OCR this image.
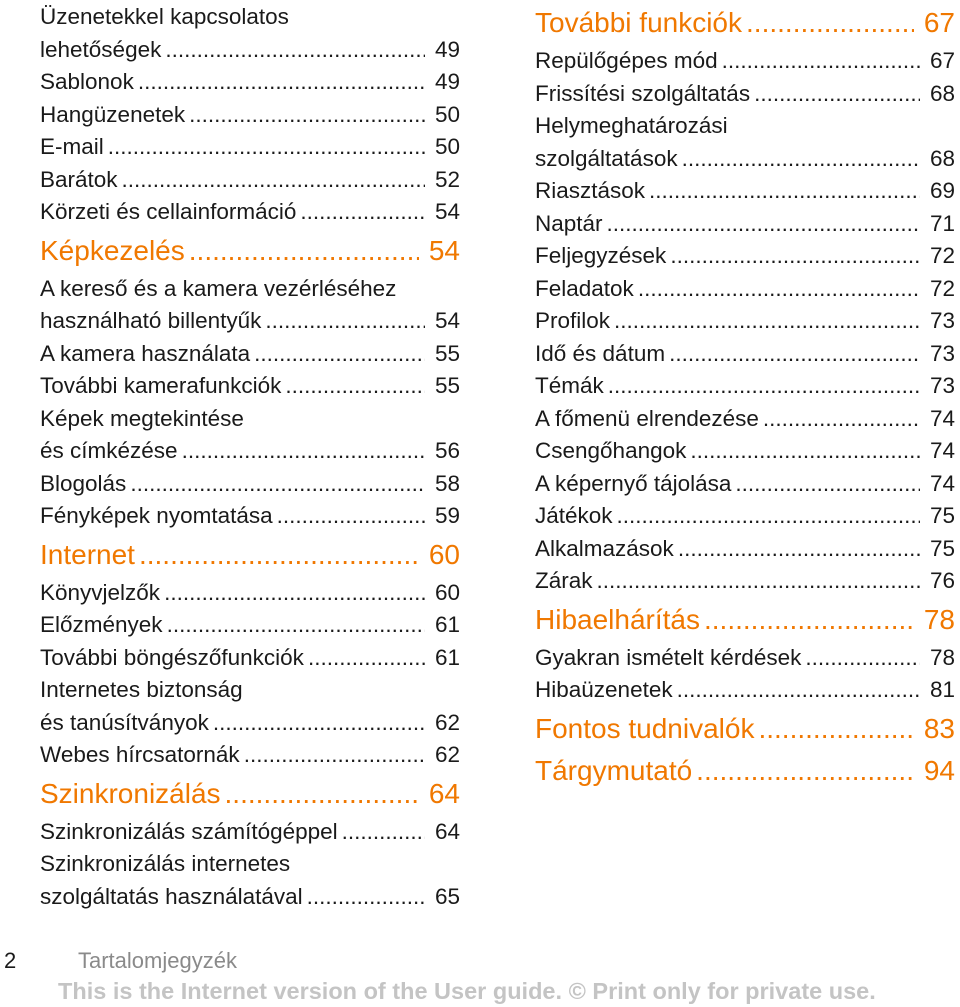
Üzenetekkel kapcsolatos
lehetőségek .....	49
Sablonok .....	49
Hangüzenetek .....	50
E-mail .....	50
Barátok .....	52
Körzeti és cellainformáció .....	54
Képkezelés .....	54
A kereső és a kamera vezérléséhez
használható billentyűk .....	54
A kamera használata .....	55
További kamerafunkciók .....	55
Képek megtekintése
és címkézése .....	56
Blogolás .....	58
Fényképek nyomtatása .....	59
Internet .....	60
Könyvjelzők .....	60
Előzmények .....	61
További böngészőfunkciók .....	61
Internetes biztonság
és tanúsítványok .....	62
Webes hírcsatornák .....	62
Szinkronizálás .....	64
Szinkronizálás számítógéppel .....	64
Szinkronizálás internetes
szolgáltatás használatával .....	65
További funkciók .....	67
Repülőgépes mód .....	67
Frissítési szolgáltatás .....	68
Helymeghatározási
szolgáltatások .....	68
Riasztások .....	69
Naptár .....	71
Feljegyzések .....	72
Feladatok .....	72
Profilok .....	73
Idő és dátum .....	73
Témák .....	73
A főmenü elrendezése .....	74
Csengőhangok .....	74
A képernyő tájolása .....	74
Játékok .....	75
Alkalmazások .....	75
Zárak .....	76
Hibaelhárítás .....	78
Gyakran ismételt kérdések .....	78
Hibaüzenetek .....	81
Fontos tudnivalók .....	83
Tárgymutató .....	94
2	Tartalomjegyzék
This is the Internet version of the User guide. © Print only for private use.
